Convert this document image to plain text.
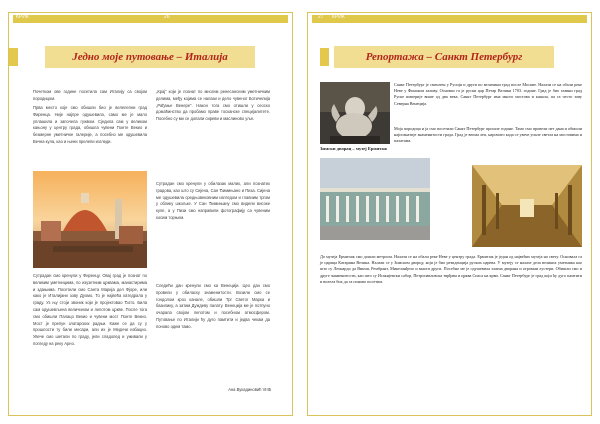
КРИК	26
Једно моје путовање – Италија

Почетком ове године посетила сам Италију са својом породицом.

Прва место које смо обишли био је велелепни град Фиренца. Није најпре одушевила, само ме је мало уплашила и започела гужвом. Сједила сам у великом кањону у центру града, обишла чувени Понте Векио и безмерне уметничке галерије, а посебно ме одушевила Вечна кула, као и њени прелепи изгледи.

Сутрадан смо кренули у Фиренцу. Овај град је познат по великим уметницима, по изузетним црквама, манастирима и здањима. Посетили смо Санта Марија дел Фјоре, или како је Италијани зову Дуомо. То је највећа катедрала у граду. Уз њу стоји звоник који је пројектовао Ђото. Била сам одушевљена величином и лепотом цркве. После тога смо обишли Палацо Векио и чувени мост Понте Векио. Мост је препун златарских радњи. Каже се да су у прошлости ту били месари, али их је Медичи избацио. Увече смо шетали по граду, јели сладолед и уживали у погледу на реку Арно.

„Крај“ који је познат по многим ренесансним уметничким делима, међу којима се налази и дело чувеног Ботичелија „Рађање Венере“. Након тога смо отишли у сеоско домаћинство да пробамо праве тосканске специјалитете. Посебно су ми се допали сиреви и маслиново уље.

Сутрадан смо кренули у обилазак малих, али познатих градова, као што су Сијена, Сан Ђимињано и Пиза. Сијена ме одушевила средњовековним изгледом и главним тргом у облику шкољке. У Сан Ђимињану смо видели високе куле, а у Пизи смо направили фотографију са чувеним косим торњем.

Следећи дан кренули смо ка Венецији. Цео дан смо провели у обиласку знаменитости. Возили смо се гондолом кроз канале, обишли Трг Светог Марка и базилику, а затим Дуждеву палату. Венеција ме је потпуно очарала својом лепотом и посебном атмосфером. Путовање по Италији ћу дуго памтити и једва чекам да поново одем тамо.

Ана Вукадиновић VIII5

27 КРИК
Репортажа – Санкт Петербург

Санкт Петербург је смештен у Русији и други по величини град после Москве. Налази се на обали реке Неве у Финском заливу. Основао га је руски цар Петар Велики 1703. године. Град је био главни град Руске империје више од два века. Санкт Петербург има много мостова и канала, па га често зову Северна Венеција.

Моја породица и ја смо посетили Санкт Петербург прошле године. Тамо смо провели пет дана и обишли најпознатије знаменитости града. Град је веома леп, нарочито када се увече упале светла на мостовима и палатама.

Зимски дворац – музеј Ермитаж

До музеја Ермитаж смо дошли метроом. Налази се на обали реке Неве у центру града. Ермитаж је један од највећих музеја на свету. Основала га је царица Катарина Велика. Налази се у Зимском дворцу, који је био резиденција руских царева. У музеју се налазе дела великих уметника као што су Леонардо да Винчи, Рембрант, Микеланђело и многи други. Посебно ме је одушевила златна дворана и огромни лустери. Обишли смо и друге знаменитости, као што су Исакијевски сабор, Петропавловска тврђава и црква Спаса на крви. Санкт Петербург је град који ћу дуго памтити и волела бих да га поново посетим.
